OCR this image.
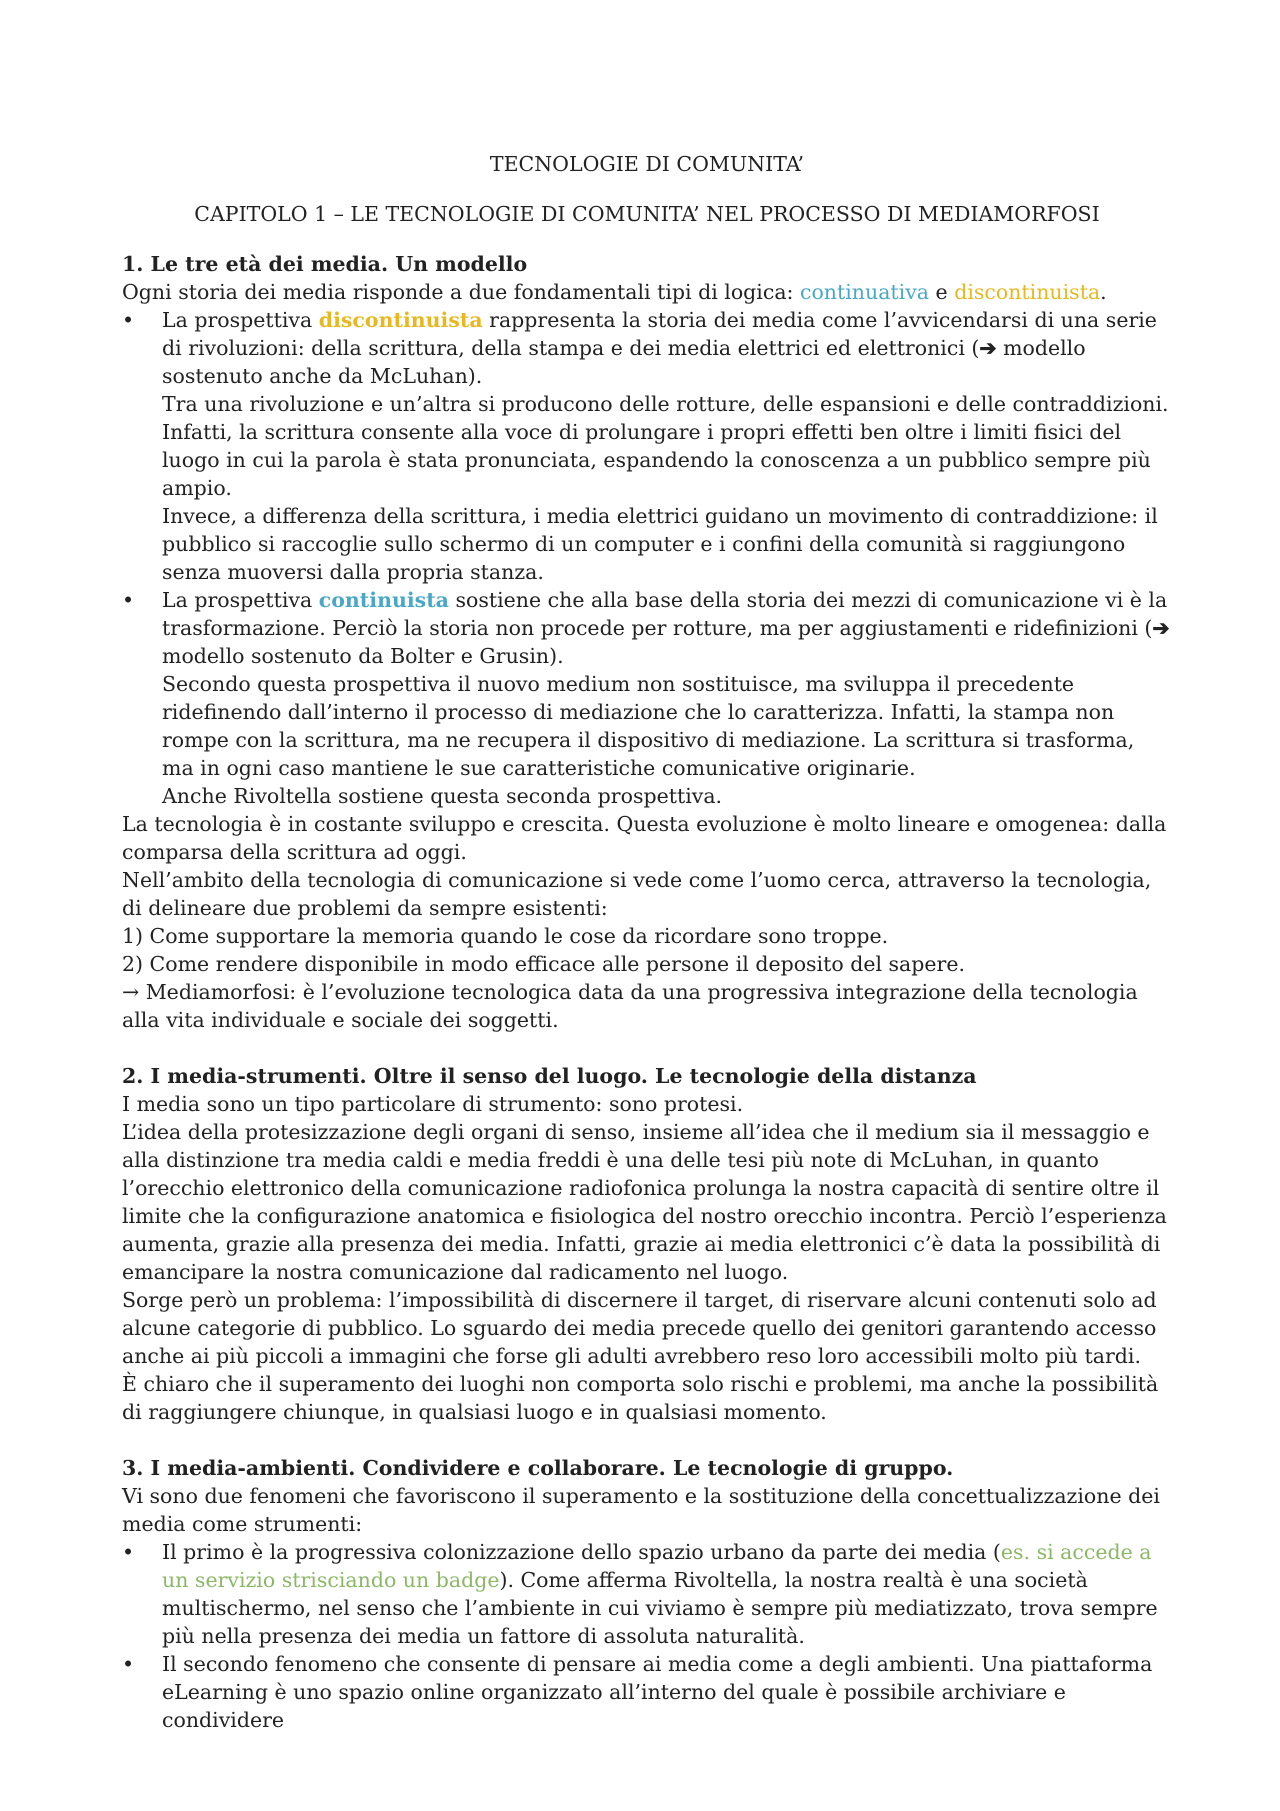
TECNOLOGIE DI COMUNITA’

CAPITOLO 1 – LE TECNOLOGIE DI COMUNITA’ NEL PROCESSO DI MEDIAMORFOSI

1. Le tre età dei media. Un modello

Ogni storia dei media risponde a due fondamentali tipi di logica: continuativa e discontinuista.

•	La prospettiva discontinuista rappresenta la storia dei media come l’avvicendarsi di una serie di rivoluzioni: della scrittura, della stampa e dei media elettrici ed elettronici (➔ modello sostenuto anche da McLuhan).

Tra una rivoluzione e un’altra si producono delle rotture, delle espansioni e delle contraddizioni. Infatti, la scrittura consente alla voce di prolungare i propri effetti ben oltre i limiti fisici del luogo in cui la parola è stata pronunciata, espandendo la conoscenza a un pubblico sempre più ampio.

Invece, a differenza della scrittura, i media elettrici guidano un movimento di contraddizione: il pubblico si raccoglie sullo schermo di un computer e i confini della comunità si raggiungono senza muoversi dalla propria stanza.

•	La prospettiva continuista sostiene che alla base della storia dei mezzi di comunicazione vi è la trasformazione. Perciò la storia non procede per rotture, ma per aggiustamenti e ridefinizioni (➔ modello sostenuto da Bolter e Grusin).

Secondo questa prospettiva il nuovo medium non sostituisce, ma sviluppa il precedente ridefinendo dall’interno il processo di mediazione che lo caratterizza. Infatti, la stampa non rompe con la scrittura, ma ne recupera il dispositivo di mediazione. La scrittura si trasforma, ma in ogni caso mantiene le sue caratteristiche comunicative originarie.

Anche Rivoltella sostiene questa seconda prospettiva.

La tecnologia è in costante sviluppo e crescita. Questa evoluzione è molto lineare e omogenea: dalla comparsa della scrittura ad oggi.

Nell’ambito della tecnologia di comunicazione si vede come l’uomo cerca, attraverso la tecnologia, di delineare due problemi da sempre esistenti:

1) Come supportare la memoria quando le cose da ricordare sono troppe.

2) Come rendere disponibile in modo efficace alle persone il deposito del sapere.

→ Mediamorfosi: è l’evoluzione tecnologica data da una progressiva integrazione della tecnologia alla vita individuale e sociale dei soggetti.

2. I media-strumenti. Oltre il senso del luogo. Le tecnologie della distanza

I media sono un tipo particolare di strumento: sono protesi.

L’idea della protesizzazione degli organi di senso, insieme all’idea che il medium sia il messaggio e alla distinzione tra media caldi e media freddi è una delle tesi più note di McLuhan, in quanto l’orecchio elettronico della comunicazione radiofonica prolunga la nostra capacità di sentire oltre il limite che la configurazione anatomica e fisiologica del nostro orecchio incontra. Perciò l’esperienza aumenta, grazie alla presenza dei media. Infatti, grazie ai media elettronici c’è data la possibilità di emancipare la nostra comunicazione dal radicamento nel luogo.

Sorge però un problema: l’impossibilità di discernere il target, di riservare alcuni contenuti solo ad alcune categorie di pubblico. Lo sguardo dei media precede quello dei genitori garantendo accesso anche ai più piccoli a immagini che forse gli adulti avrebbero reso loro accessibili molto più tardi.

È chiaro che il superamento dei luoghi non comporta solo rischi e problemi, ma anche la possibilità di raggiungere chiunque, in qualsiasi luogo e in qualsiasi momento.

3. I media-ambienti. Condividere e collaborare. Le tecnologie di gruppo.

Vi sono due fenomeni che favoriscono il superamento e la sostituzione della concettualizzazione dei media come strumenti:

•	Il primo è la progressiva colonizzazione dello spazio urbano da parte dei media (es. si accede a un servizio strisciando un badge). Come afferma Rivoltella, la nostra realtà è una società multischermo, nel senso che l’ambiente in cui viviamo è sempre più mediatizzato, trova sempre più nella presenza dei media un fattore di assoluta naturalità.

•	Il secondo fenomeno che consente di pensare ai media come a degli ambienti. Una piattaforma eLearning è uno spazio online organizzato all’interno del quale è possibile archiviare e condividere
